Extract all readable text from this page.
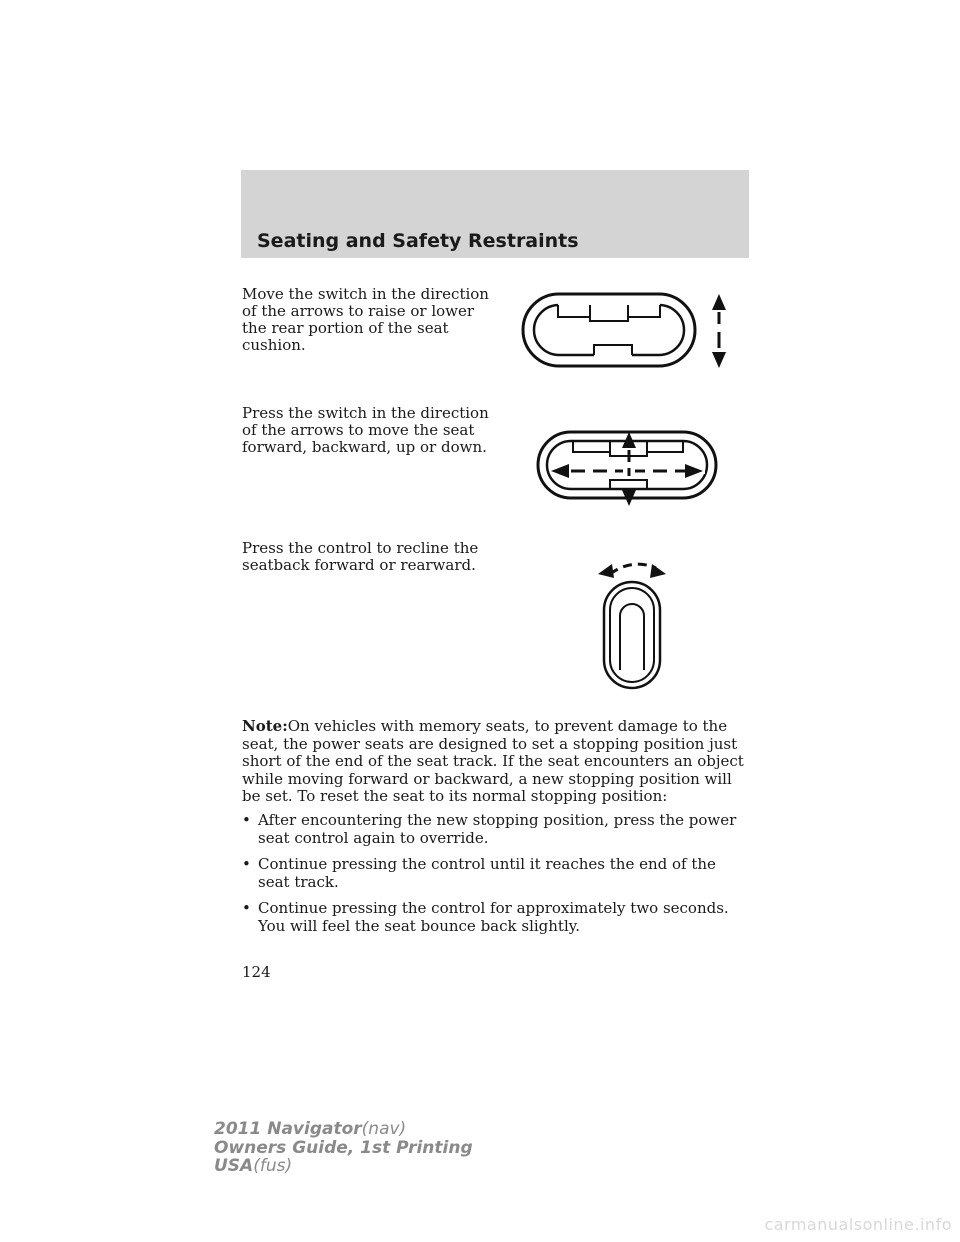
Seating and Safety Restraints

Move the switch in the direction of the arrows to raise or lower the rear portion of the seat cushion.

Press the switch in the direction of the arrows to move the seat forward, backward, up or down.

Press the control to recline the seatback forward or rearward.

Note:On vehicles with memory seats, to prevent damage to the seat, the power seats are designed to set a stopping position just short of the end of the seat track. If the seat encounters an object while moving forward or backward, a new stopping position will be set. To reset the seat to its normal stopping position:

• After encountering the new stopping position, press the power seat control again to override.
• Continue pressing the control until it reaches the end of the seat track.
• Continue pressing the control for approximately two seconds. You will feel the seat bounce back slightly.
124
2011 Navigator(nav)
Owners Guide, 1st Printing
USA(fus)
carmanualsonline.info
